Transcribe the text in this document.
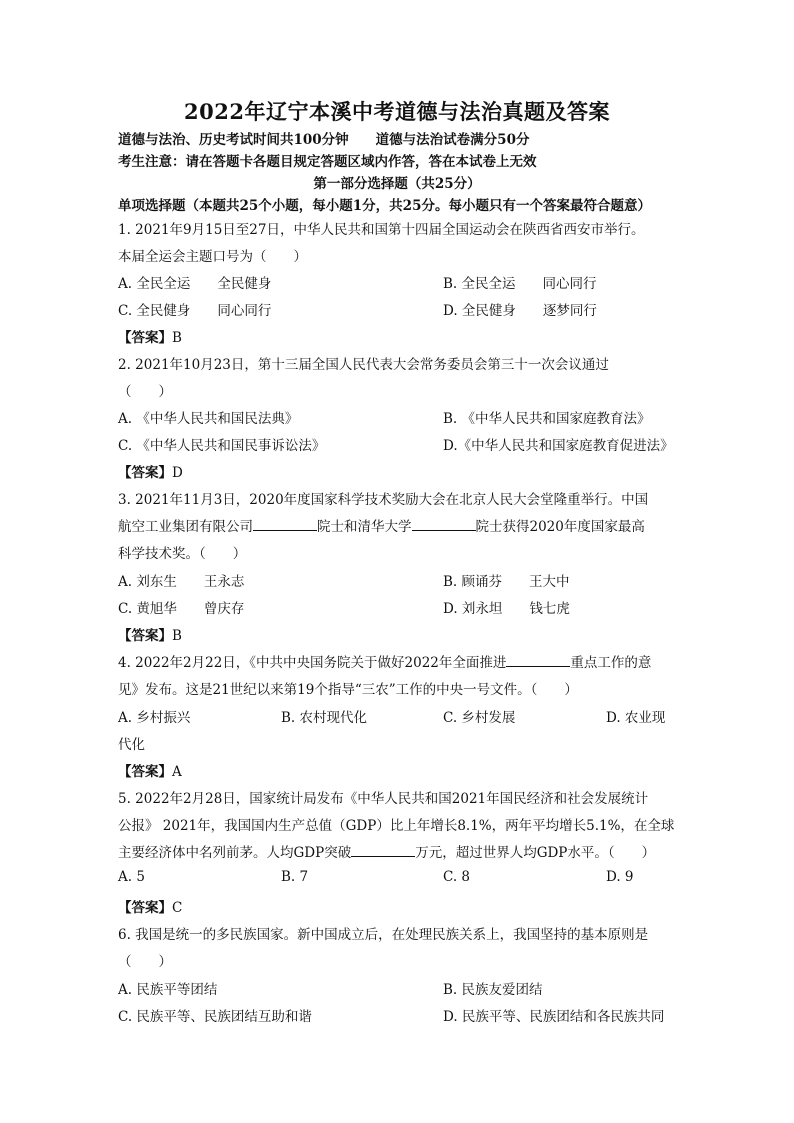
2022年辽宁本溪中考道德与法治真题及答案
道德与法治、历史考试时间共100分钟　　道德与法治试卷满分50分
考生注意：请在答题卡各题目规定答题区域内作答，答在本试卷上无效
第一部分选择题（共25分）
单项选择题（本题共25个小题，每小题1分，共25分。每小题只有一个答案最符合题意）
1. 2021年9月15日至27日，中华人民共和国第十四届全国运动会在陕西省西安市举行。
本届全运会主题口号为（　　）
A. 全民全运　　全民健身	B. 全民全运　　同心同行
C. 全民健身　　同心同行	D. 全民健身　　逐梦同行
【答案】B
2. 2021年10月23日，第十三届全国人民代表大会常务委员会第三十一次会议通过
（　　）
A. 《中华人民共和国民法典》	B. 《中华人民共和国家庭教育法》
C. 《中华人民共和国民事诉讼法》	D.《中华人民共和国家庭教育促进法》
【答案】D
3. 2021年11月3日，2020年度国家科学技术奖励大会在北京人民大会堂隆重举行。中国
航空工业集团有限公司	院士和清华大学	院士获得2020年度国家最高
科学技术奖。（　　）
A. 刘东生　　王永志	B. 顾诵芬　　王大中
C. 黄旭华　　曾庆存	D. 刘永坦　　钱七虎
【答案】B
4. 2022年2月22日，《中共中央国务院关于做好2022年全面推进	重点工作的意
见》发布。这是21世纪以来第19个指导“三农”工作的中央一号文件。（　　）
A. 乡村振兴	B. 农村现代化	C. 乡村发展	D. 农业现
代化
【答案】A
5. 2022年2月28日，国家统计局发布《中华人民共和国2021年国民经济和社会发展统计
公报》 2021年，我国国内生产总值（GDP）比上年增长8.1%，两年平均增长5.1%，在全球
主要经济体中名列前茅。人均GDP突破	万元，超过世界人均GDP水平。（　　）
A. 5	B. 7	C. 8	D. 9
【答案】C
6. 我国是统一的多民族国家。新中国成立后，在处理民族关系上，我国坚持的基本原则是
（　　）
A. 民族平等团结	B. 民族友爱团结
C. 民族平等、民族团结互助和谐	D. 民族平等、民族团结和各民族共同
